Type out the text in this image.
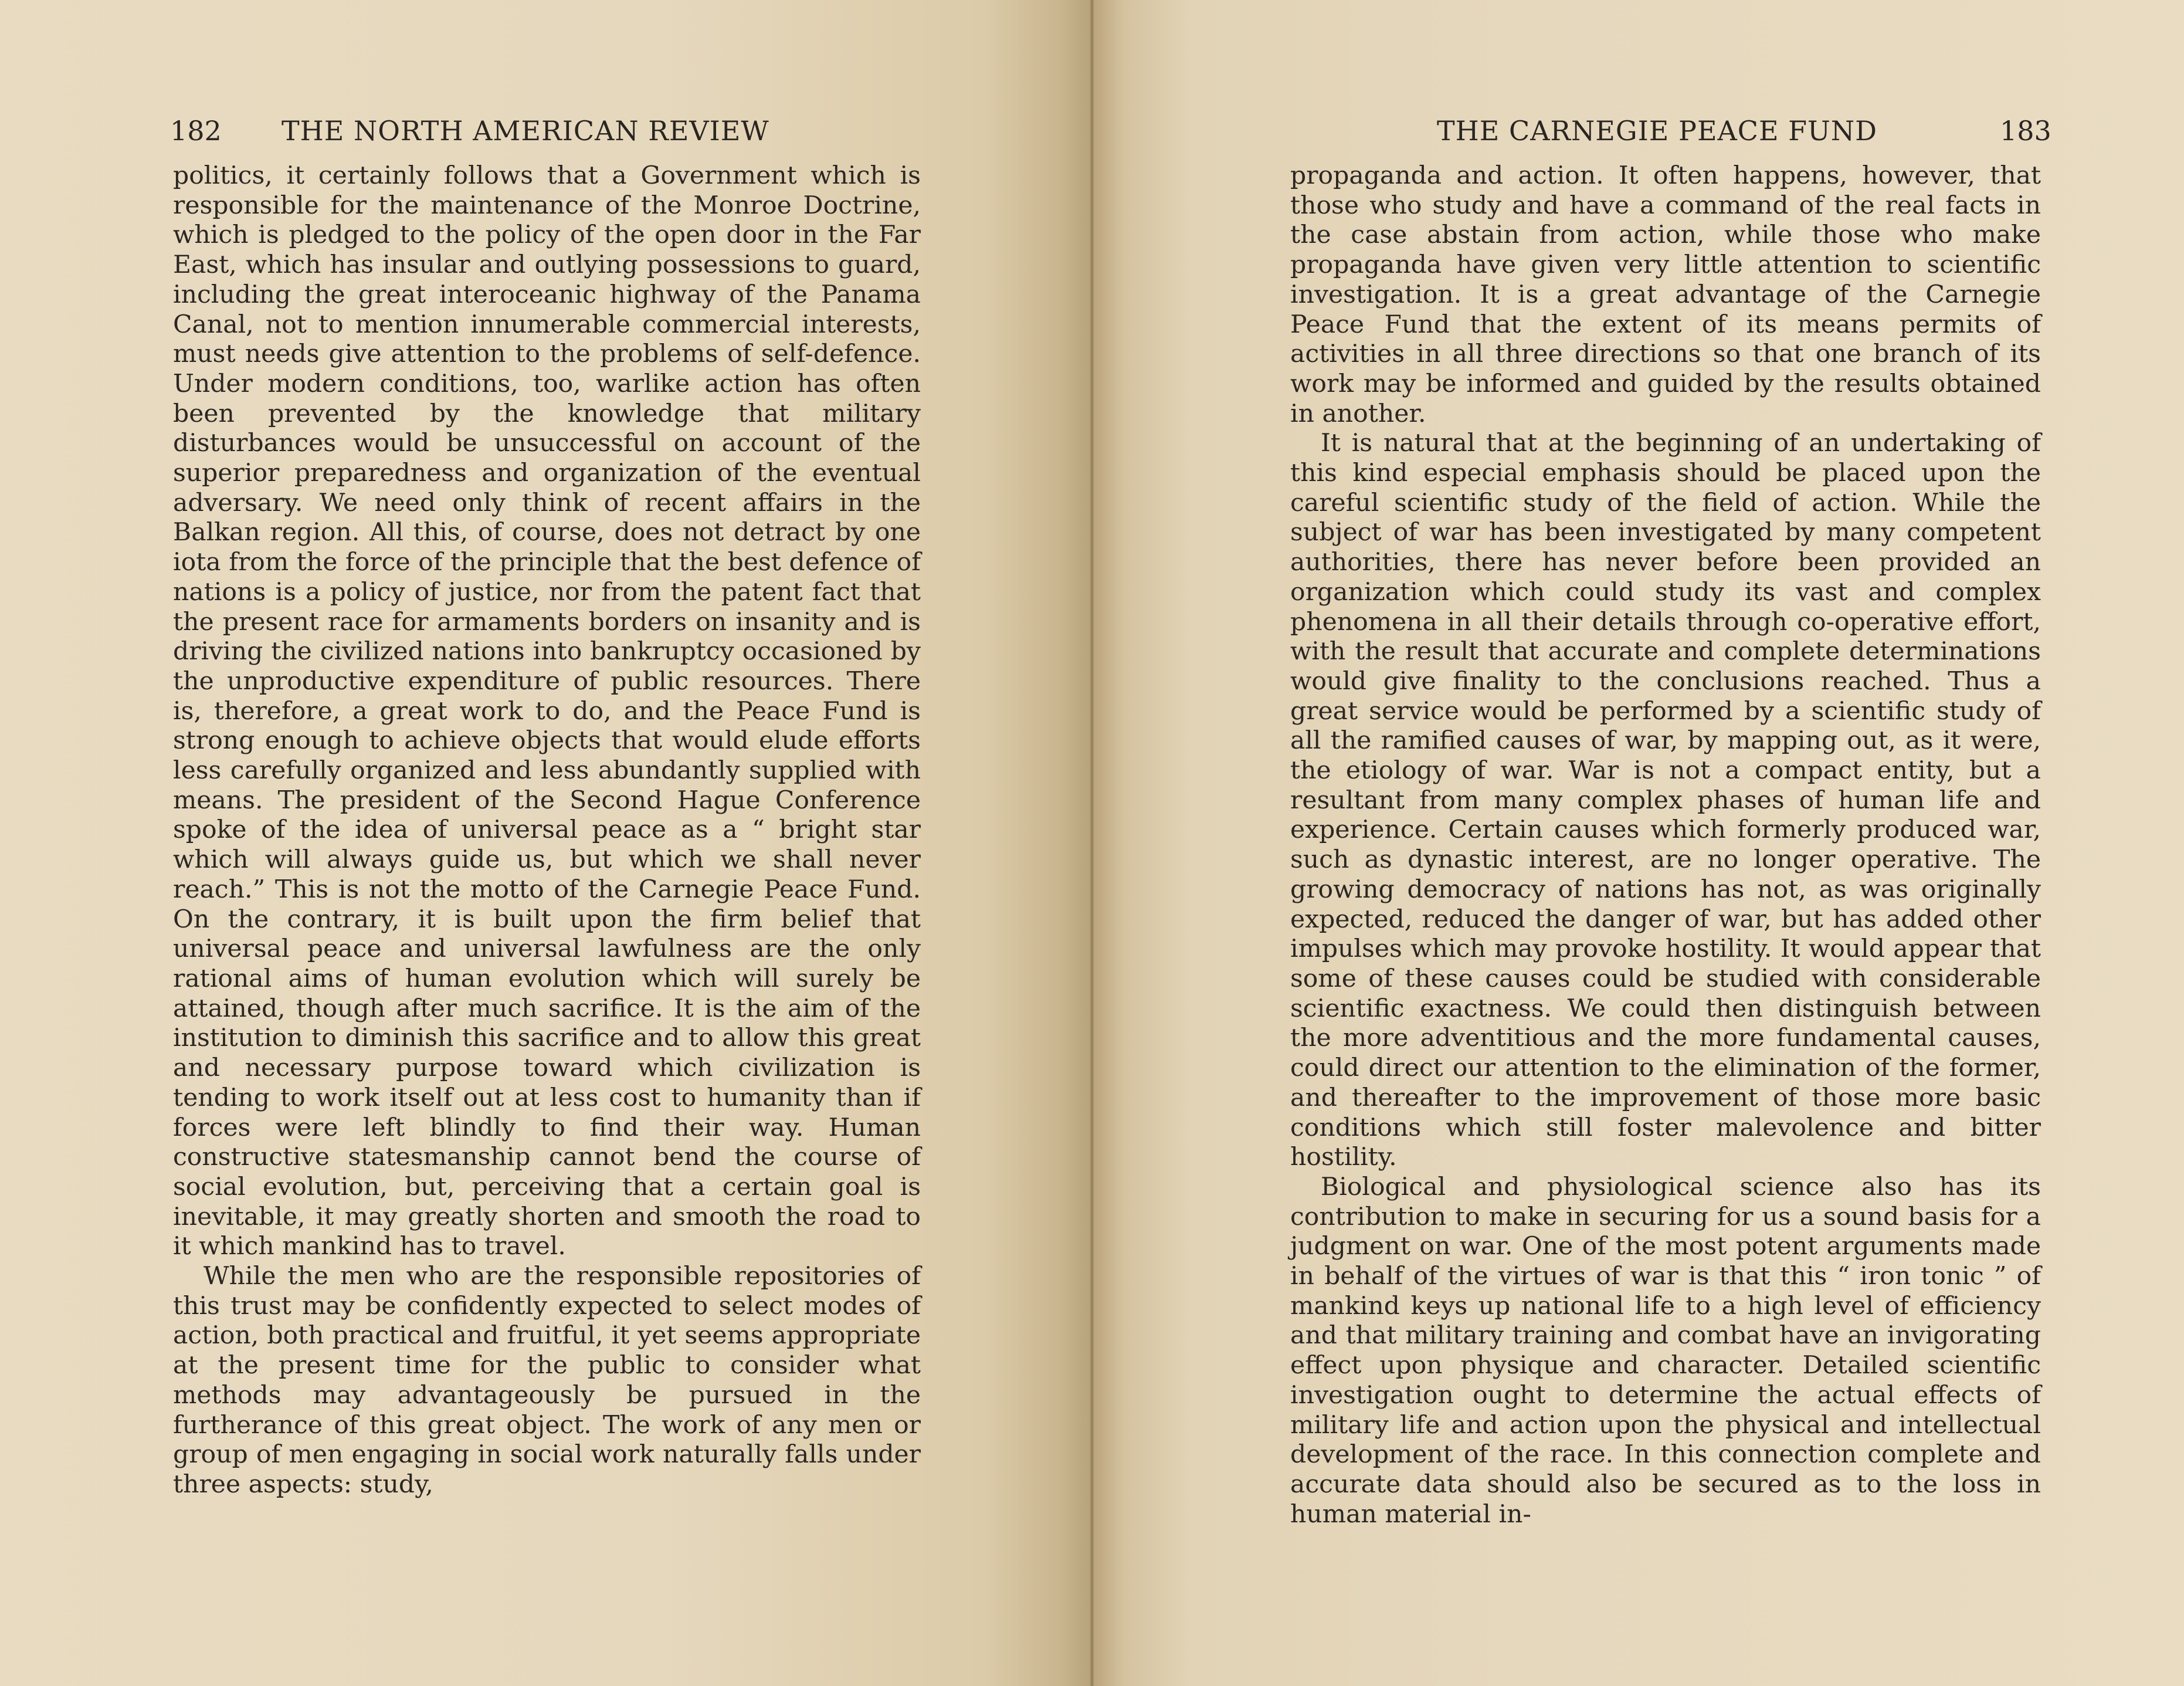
182 THE NORTH AMERICAN REVIEW

politics, it certainly follows that a Government which is responsible for the maintenance of the Monroe Doctrine, which is pledged to the policy of the open door in the Far East, which has insular and outlying possessions to guard, including the great interoceanic highway of the Panama Canal, not to mention innumerable commercial interests, must needs give attention to the problems of self-defence. Under modern conditions, too, warlike action has often been prevented by the knowledge that military disturbances would be unsuccessful on account of the superior preparedness and organization of the eventual adversary. We need only think of recent affairs in the Balkan region. All this, of course, does not detract by one iota from the force of the principle that the best defence of nations is a policy of justice, nor from the patent fact that the present race for armaments borders on insanity and is driving the civilized nations into bankruptcy occasioned by the unproductive expenditure of public resources. There is, therefore, a great work to do, and the Peace Fund is strong enough to achieve objects that would elude efforts less carefully organized and less abundantly supplied with means. The president of the Second Hague Conference spoke of the idea of universal peace as a “ bright star which will always guide us, but which we shall never reach.” This is not the motto of the Carnegie Peace Fund. On the contrary, it is built upon the firm belief that universal peace and universal lawfulness are the only rational aims of human evolution which will surely be attained, though after much sacrifice. It is the aim of the institution to diminish this sacrifice and to allow this great and necessary purpose toward which civilization is tending to work itself out at less cost to humanity than if forces were left blindly to find their way. Human constructive statesmanship cannot bend the course of social evolution, but, perceiving that a certain goal is inevitable, it may greatly shorten and smooth the road to it which mankind has to travel.

While the men who are the responsible repositories of this trust may be confidently expected to select modes of action, both practical and fruitful, it yet seems appropriate at the present time for the public to consider what methods may advantageously be pursued in the furtherance of this great object. The work of any men or group of men engaging in social work naturally falls under three aspects: study,

THE CARNEGIE PEACE FUND	183

propaganda and action. It often happens, however, that those who study and have a command of the real facts in the case abstain from action, while those who make propaganda have given very little attention to scientific investigation. It is a great advantage of the Carnegie Peace Fund that the extent of its means permits of activities in all three directions so that one branch of its work may be informed and guided by the results obtained in another.

It is natural that at the beginning of an undertaking of this kind especial emphasis should be placed upon the careful scientific study of the field of action. While the subject of war has been investigated by many competent authorities, there has never before been provided an organization which could study its vast and complex phenomena in all their details through co-operative effort, with the result that accurate and complete determinations would give finality to the conclusions reached. Thus a great service would be performed by a scientific study of all the ramified causes of war, by mapping out, as it were, the etiology of war. War is not a compact entity, but a resultant from many complex phases of human life and experience. Certain causes which formerly produced war, such as dynastic interest, are no longer operative. The growing democracy of nations has not, as was originally expected, reduced the danger of war, but has added other impulses which may provoke hostility. It would appear that some of these causes could be studied with considerable scientific exactness. We could then distinguish between the more adventitious and the more fundamental causes, could direct our attention to the elimination of the former, and thereafter to the improvement of those more basic conditions which still foster malevolence and bitter hostility.

Biological and physiological science also has its contribution to make in securing for us a sound basis for a judgment on war. One of the most potent arguments made in behalf of the virtues of war is that this “ iron tonic ” of mankind keys up national life to a high level of efficiency and that military training and combat have an invigorating effect upon physique and character. Detailed scientific investigation ought to determine the actual effects of military life and action upon the physical and intellectual development of the race. In this connection complete and accurate data should also be secured as to the loss in human material in-
